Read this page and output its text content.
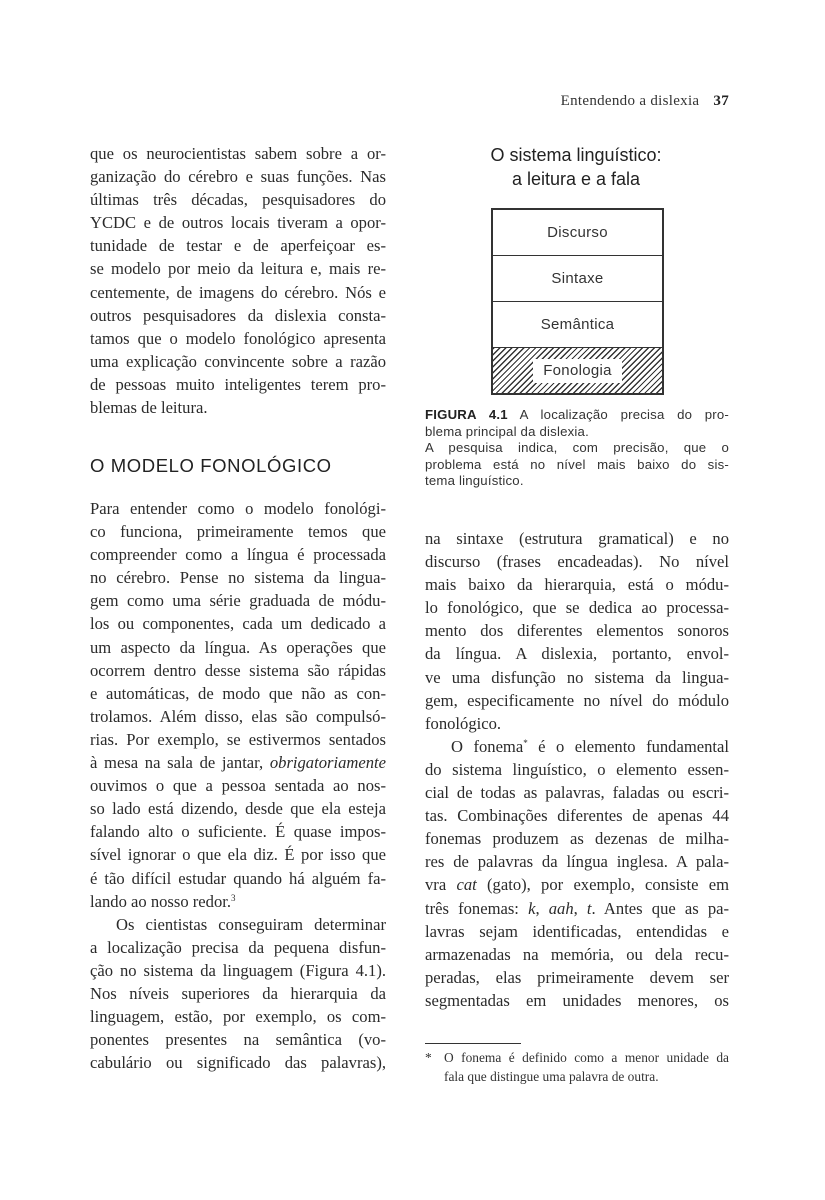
Entendendo a dislexia 37

que os neurocientistas sabem sobre a or-
ganização do cérebro e suas funções. Nas
últimas três décadas, pesquisadores do
YCDC e de outros locais tiveram a opor-
tunidade de testar e de aperfeiçoar es-
se modelo por meio da leitura e, mais re-
centemente, de imagens do cérebro. Nós e
outros pesquisadores da dislexia consta-
tamos que o modelo fonológico apresenta
uma explicação convincente sobre a razão
de pessoas muito inteligentes terem pro-
blemas de leitura.

O MODELO FONOLÓGICO

Para entender como o modelo fonológi-
co funciona, primeiramente temos que
compreender como a língua é processada
no cérebro. Pense no sistema da lingua-
gem como uma série graduada de módu-
los ou componentes, cada um dedicado a
um aspecto da língua. As operações que
ocorrem dentro desse sistema são rápidas
e automáticas, de modo que não as con-
trolamos. Além disso, elas são compulsó-
rias. Por exemplo, se estivermos sentados
à mesa na sala de jantar, obrigatoriamente
ouvimos o que a pessoa sentada ao nos-
so lado está dizendo, desde que ela esteja
falando alto o suficiente. É quase impos-
sível ignorar o que ela diz. É por isso que
é tão difícil estudar quando há alguém fa-
lando ao nosso redor.$^3$

Os cientistas conseguiram determinar
a localização precisa da pequena disfun-
ção no sistema da linguagem (Figura 4.1).
Nos níveis superiores da hierarquia da
linguagem, estão, por exemplo, os com-
ponentes presentes na semântica (vo-
cabulário ou significado das palavras),

O sistema linguístico:
a leitura e a fala
Discurso
Sintaxe
Semântica
Fonologia
FIGURA 4.1 A localização precisa do pro-
blema principal da dislexia.
A pesquisa indica, com precisão, que o
problema está no nível mais baixo do sis-
tema linguístico.

na sintaxe (estrutura gramatical) e no
discurso (frases encadeadas). No nível
mais baixo da hierarquia, está o módu-
lo fonológico, que se dedica ao processa-
mento dos diferentes elementos sonoros
da língua. A dislexia, portanto, envol-
ve uma disfunção no sistema da lingua-
gem, especificamente no nível do módulo
fonológico.

O fonema* é o elemento fundamental
do sistema linguístico, o elemento essen-
cial de todas as palavras, faladas ou escri-
tas. Combinações diferentes de apenas 44
fonemas produzem as dezenas de milha-
res de palavras da língua inglesa. A pala-
vra cat (gato), por exemplo, consiste em
três fonemas: k, aah, t. Antes que as pa-
lavras sejam identificadas, entendidas e
armazenadas na memória, ou dela recu-
peradas, elas primeiramente devem ser
segmentadas em unidades menores, os

* O fonema é definido como a menor unidade da
fala que distingue uma palavra de outra.
